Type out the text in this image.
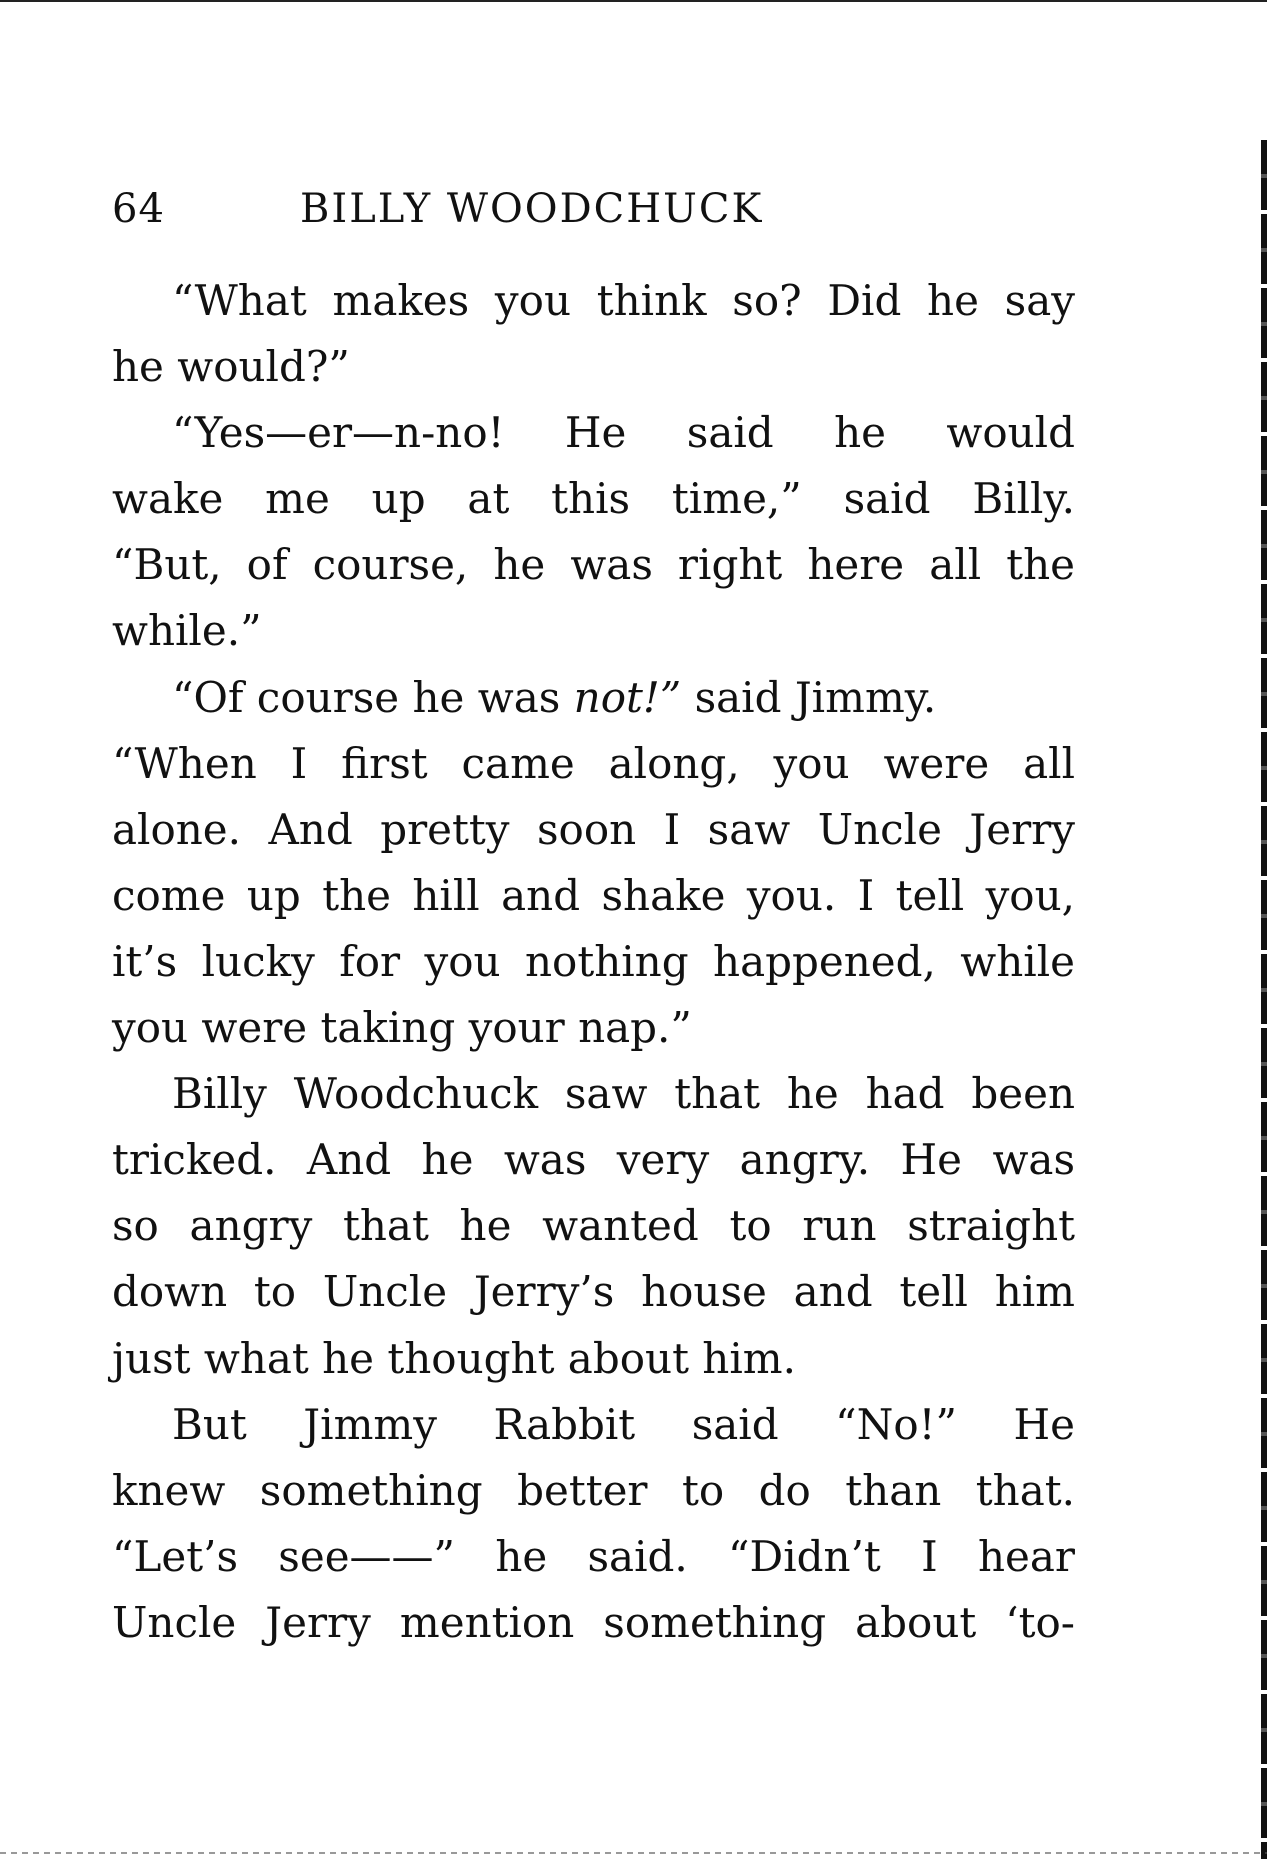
64	BILLY WOODCHUCK
“What makes you think so? Did he say
he would?”
“Yes—er—n-no! He said he would
wake me up at this time,” said Billy.
“But, of course, he was right here all the
while.”
“Of course he was not!” said Jimmy.
“When I first came along, you were all
alone. And pretty soon I saw Uncle Jerry
come up the hill and shake you. I tell you,
it’s lucky for you nothing happened, while
you were taking your nap.”
Billy Woodchuck saw that he had been
tricked. And he was very angry. He was
so angry that he wanted to run straight
down to Uncle Jerry’s house and tell him
just what he thought about him.
But Jimmy Rabbit said “No!” He
knew something better to do than that.
“Let’s see——” he said. “Didn’t I hear
Uncle Jerry mention something about ‘to-
